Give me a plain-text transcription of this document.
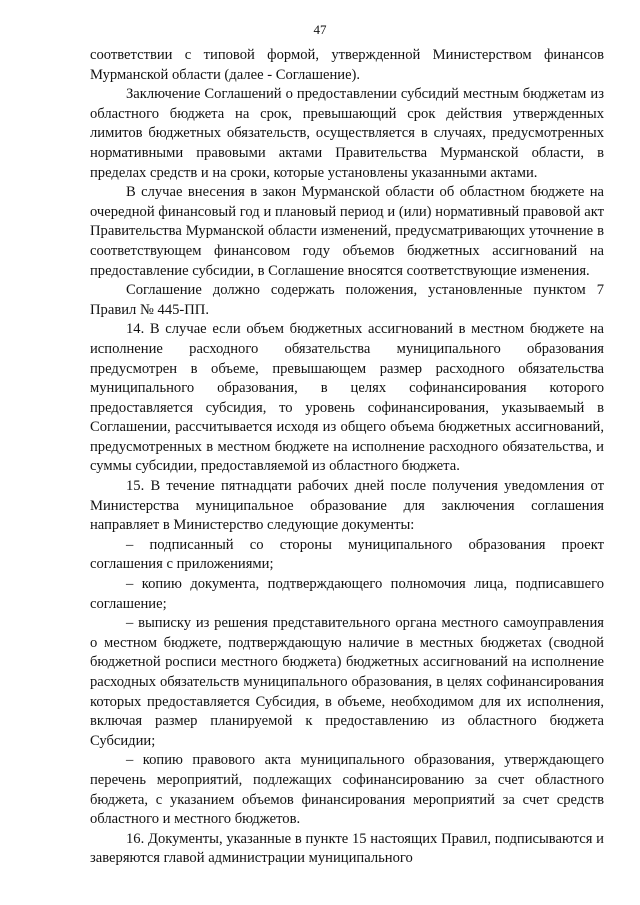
47

соответствии с типовой формой, утвержденной Министерством финансов Мурманской области (далее - Соглашение).

Заключение Соглашений о предоставлении субсидий местным бюджетам из областного бюджета на срок, превышающий срок действия утвержденных лимитов бюджетных обязательств, осуществляется в случаях, предусмотренных нормативными правовыми актами Правительства Мурманской области, в пределах средств и на сроки, которые установлены указанными актами.

В случае внесения в закон Мурманской области об областном бюджете на очередной финансовый год и плановый период и (или) нормативный правовой акт Правительства Мурманской области изменений, предусматривающих уточнение в соответствующем финансовом году объемов бюджетных ассигнований на предоставление субсидии, в Соглашение вносятся соответствующие изменения.

Соглашение должно содержать положения, установленные пунктом 7 Правил № 445-ПП.

14. В случае если объем бюджетных ассигнований в местном бюджете на исполнение расходного обязательства муниципального образования предусмотрен в объеме, превышающем размер расходного обязательства муниципального образования, в целях софинансирования которого предоставляется субсидия, то уровень софинансирования, указываемый в Соглашении, рассчитывается исходя из общего объема бюджетных ассигнований, предусмотренных в местном бюджете на исполнение расходного обязательства, и суммы субсидии, предоставляемой из областного бюджета.

15. В течение пятнадцати рабочих дней после получения уведомления от Министерства муниципальное образование для заключения соглашения направляет в Министерство следующие документы:

– подписанный со стороны муниципального образования проект соглашения с приложениями;

– копию документа, подтверждающего полномочия лица, подписавшего соглашение;

– выписку из решения представительного органа местного самоуправления о местном бюджете, подтверждающую наличие в местных бюджетах (сводной бюджетной росписи местного бюджета) бюджетных ассигнований на исполнение расходных обязательств муниципального образования, в целях софинансирования которых предоставляется Субсидия, в объеме, необходимом для их исполнения, включая размер планируемой к предоставлению из областного бюджета Субсидии;

– копию правового акта муниципального образования, утверждающего перечень мероприятий, подлежащих софинансированию за счет областного бюджета, с указанием объемов финансирования мероприятий за счет средств областного и местного бюджетов.

16. Документы, указанные в пункте 15 настоящих Правил, подписываются и заверяются главой администрации муниципального
